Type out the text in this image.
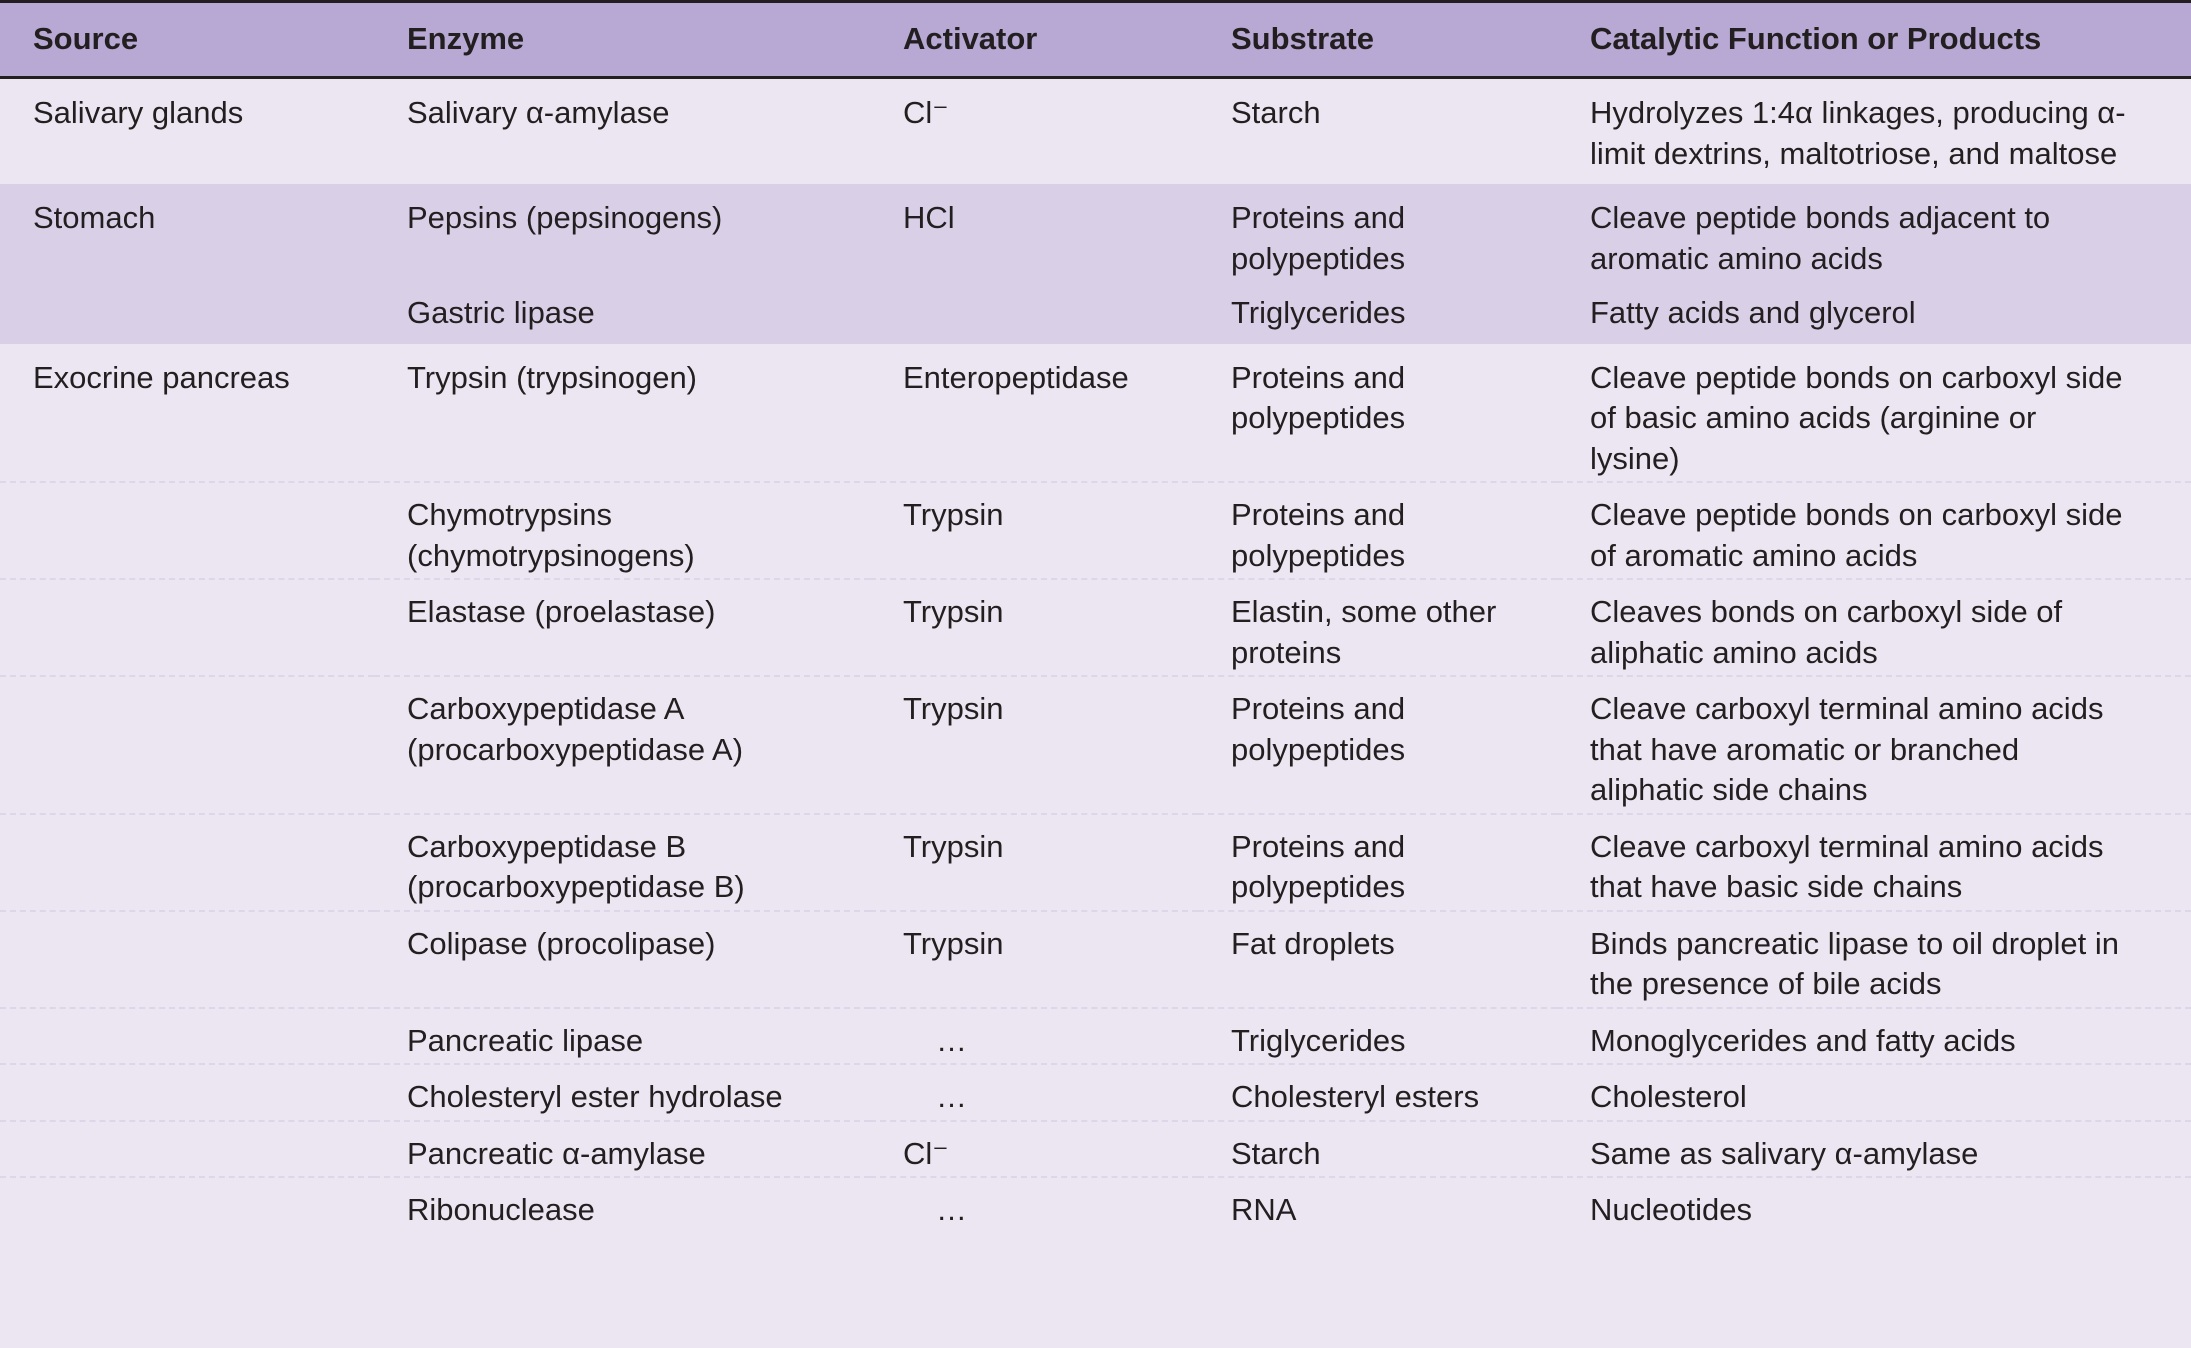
Source	Enzyme	Activator	Substrate	Catalytic Function or Products
Salivary glands	Salivary α-amylase	Cl⁻	Starch	Hydrolyzes 1:4α linkages, producing α-limit dextrins, maltotriose, and maltose
Stomach	Pepsins (pepsinogens)	HCl	Proteins and polypeptides	Cleave peptide bonds adjacent to aromatic amino acids
	Gastric lipase		Triglycerides	Fatty acids and glycerol
Exocrine pancreas	Trypsin (trypsinogen)	Enteropeptidase	Proteins and polypeptides	Cleave peptide bonds on carboxyl side of basic amino acids (arginine or lysine)
	Chymotrypsins (chymotrypsinogens)	Trypsin	Proteins and polypeptides	Cleave peptide bonds on carboxyl side of aromatic amino acids
	Elastase (proelastase)	Trypsin	Elastin, some other proteins	Cleaves bonds on carboxyl side of aliphatic amino acids
	Carboxypeptidase A (procarboxypeptidase A)	Trypsin	Proteins and polypeptides	Cleave carboxyl terminal amino acids that have aromatic or branched aliphatic side chains
	Carboxypeptidase B (procarboxypeptidase B)	Trypsin	Proteins and polypeptides	Cleave carboxyl terminal amino acids that have basic side chains
	Colipase (procolipase)	Trypsin	Fat droplets	Binds pancreatic lipase to oil droplet in the presence of bile acids
	Pancreatic lipase	…	Triglycerides	Monoglycerides and fatty acids
	Cholesteryl ester hydrolase	…	Cholesteryl esters	Cholesterol
	Pancreatic α-amylase	Cl⁻	Starch	Same as salivary α-amylase
	Ribonuclease	…	RNA	Nucleotides
